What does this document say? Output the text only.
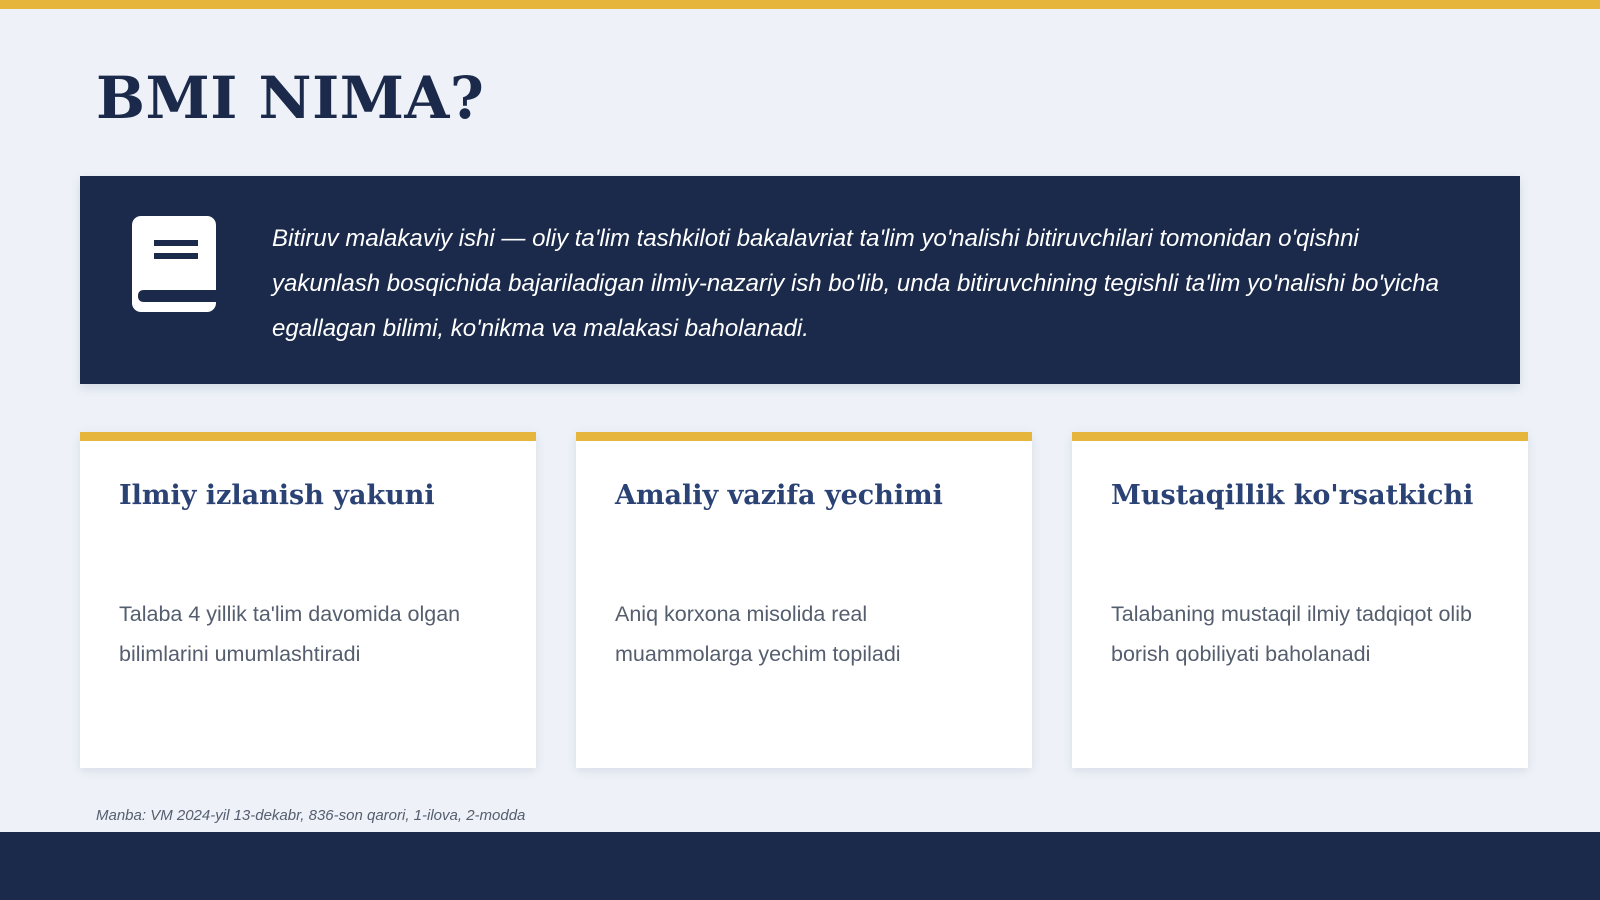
BMI NIMA?

Bitiruv malakaviy ishi — oliy ta'lim tashkiloti bakalavriat ta'lim yo'nalishi bitiruvchilari tomonidan o'qishni yakunlash bosqichida bajariladigan ilmiy-nazariy ish bo'lib, unda bitiruvchining tegishli ta'lim yo'nalishi bo'yicha egallagan bilimi, ko'nikma va malakasi baholanadi.

Ilmiy izlanish yakuni

Talaba 4 yillik ta'lim davomida olgan bilimlarini umumlashtiradi

Amaliy vazifa yechimi

Aniq korxona misolida real muammolarga yechim topiladi

Mustaqillik ko'rsatkichi

Talabaning mustaqil ilmiy tadqiqot olib borish qobiliyati baholanadi

Manba: VM 2024-yil 13-dekabr, 836-son qarori, 1-ilova, 2-modda
